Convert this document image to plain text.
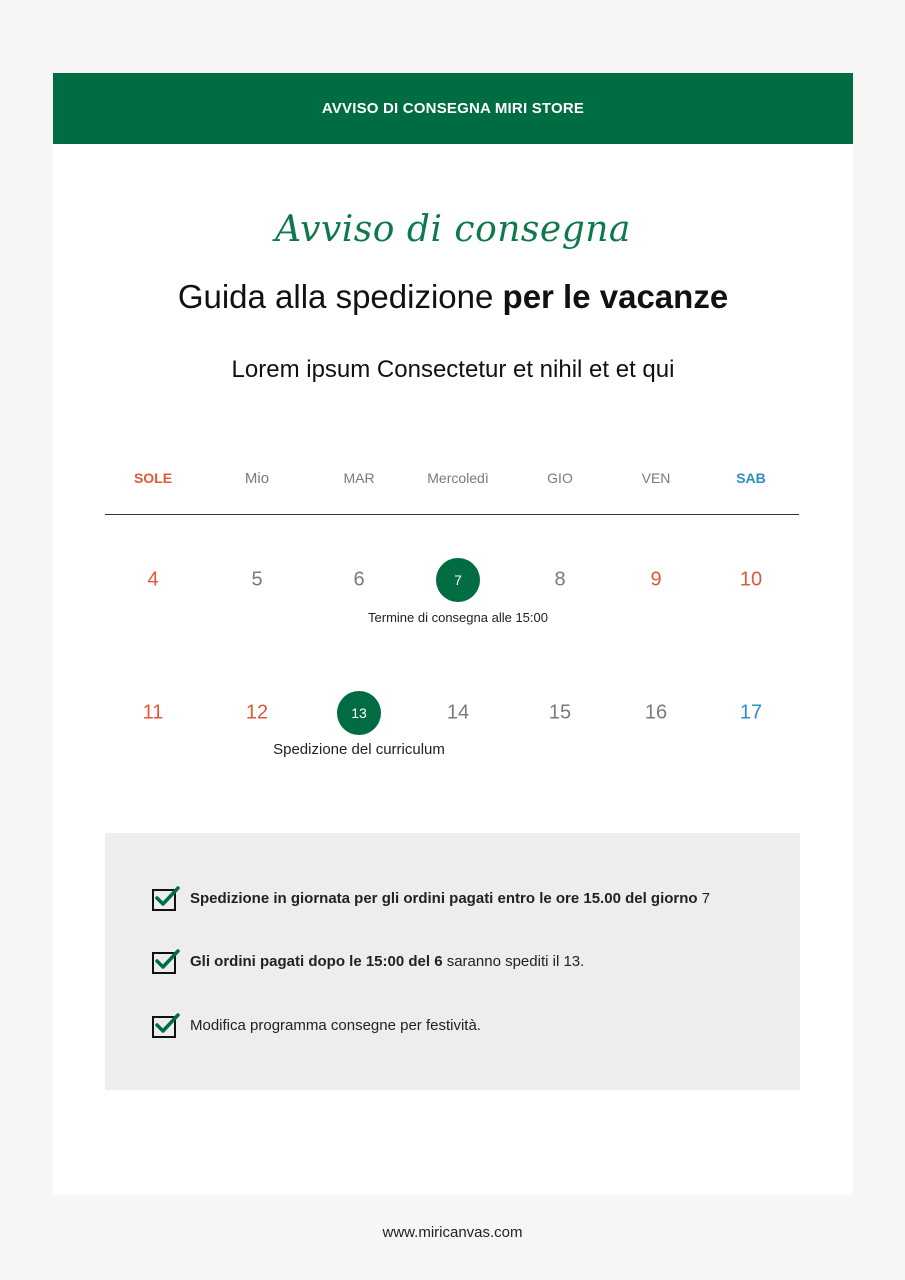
AVVISO DI CONSEGNA MIRI STORE
Avviso di consegna
Guida alla spedizione per le vacanze
Lorem ipsum Consectetur et nihil et et qui
SOLE	Mio	MAR	Mercoledì	GIO	VEN	SAB
4	5	6	7	8	9	10
Termine di consegna alle 15:00
11	12	13	14	15	16	17
Spedizione del curriculum
Spedizione in giornata per gli ordini pagati entro le ore 15.00 del giorno 7
Gli ordini pagati dopo le 15:00 del 6 saranno spediti il 13.
Modifica programma consegne per festività.
www.miricanvas.com
